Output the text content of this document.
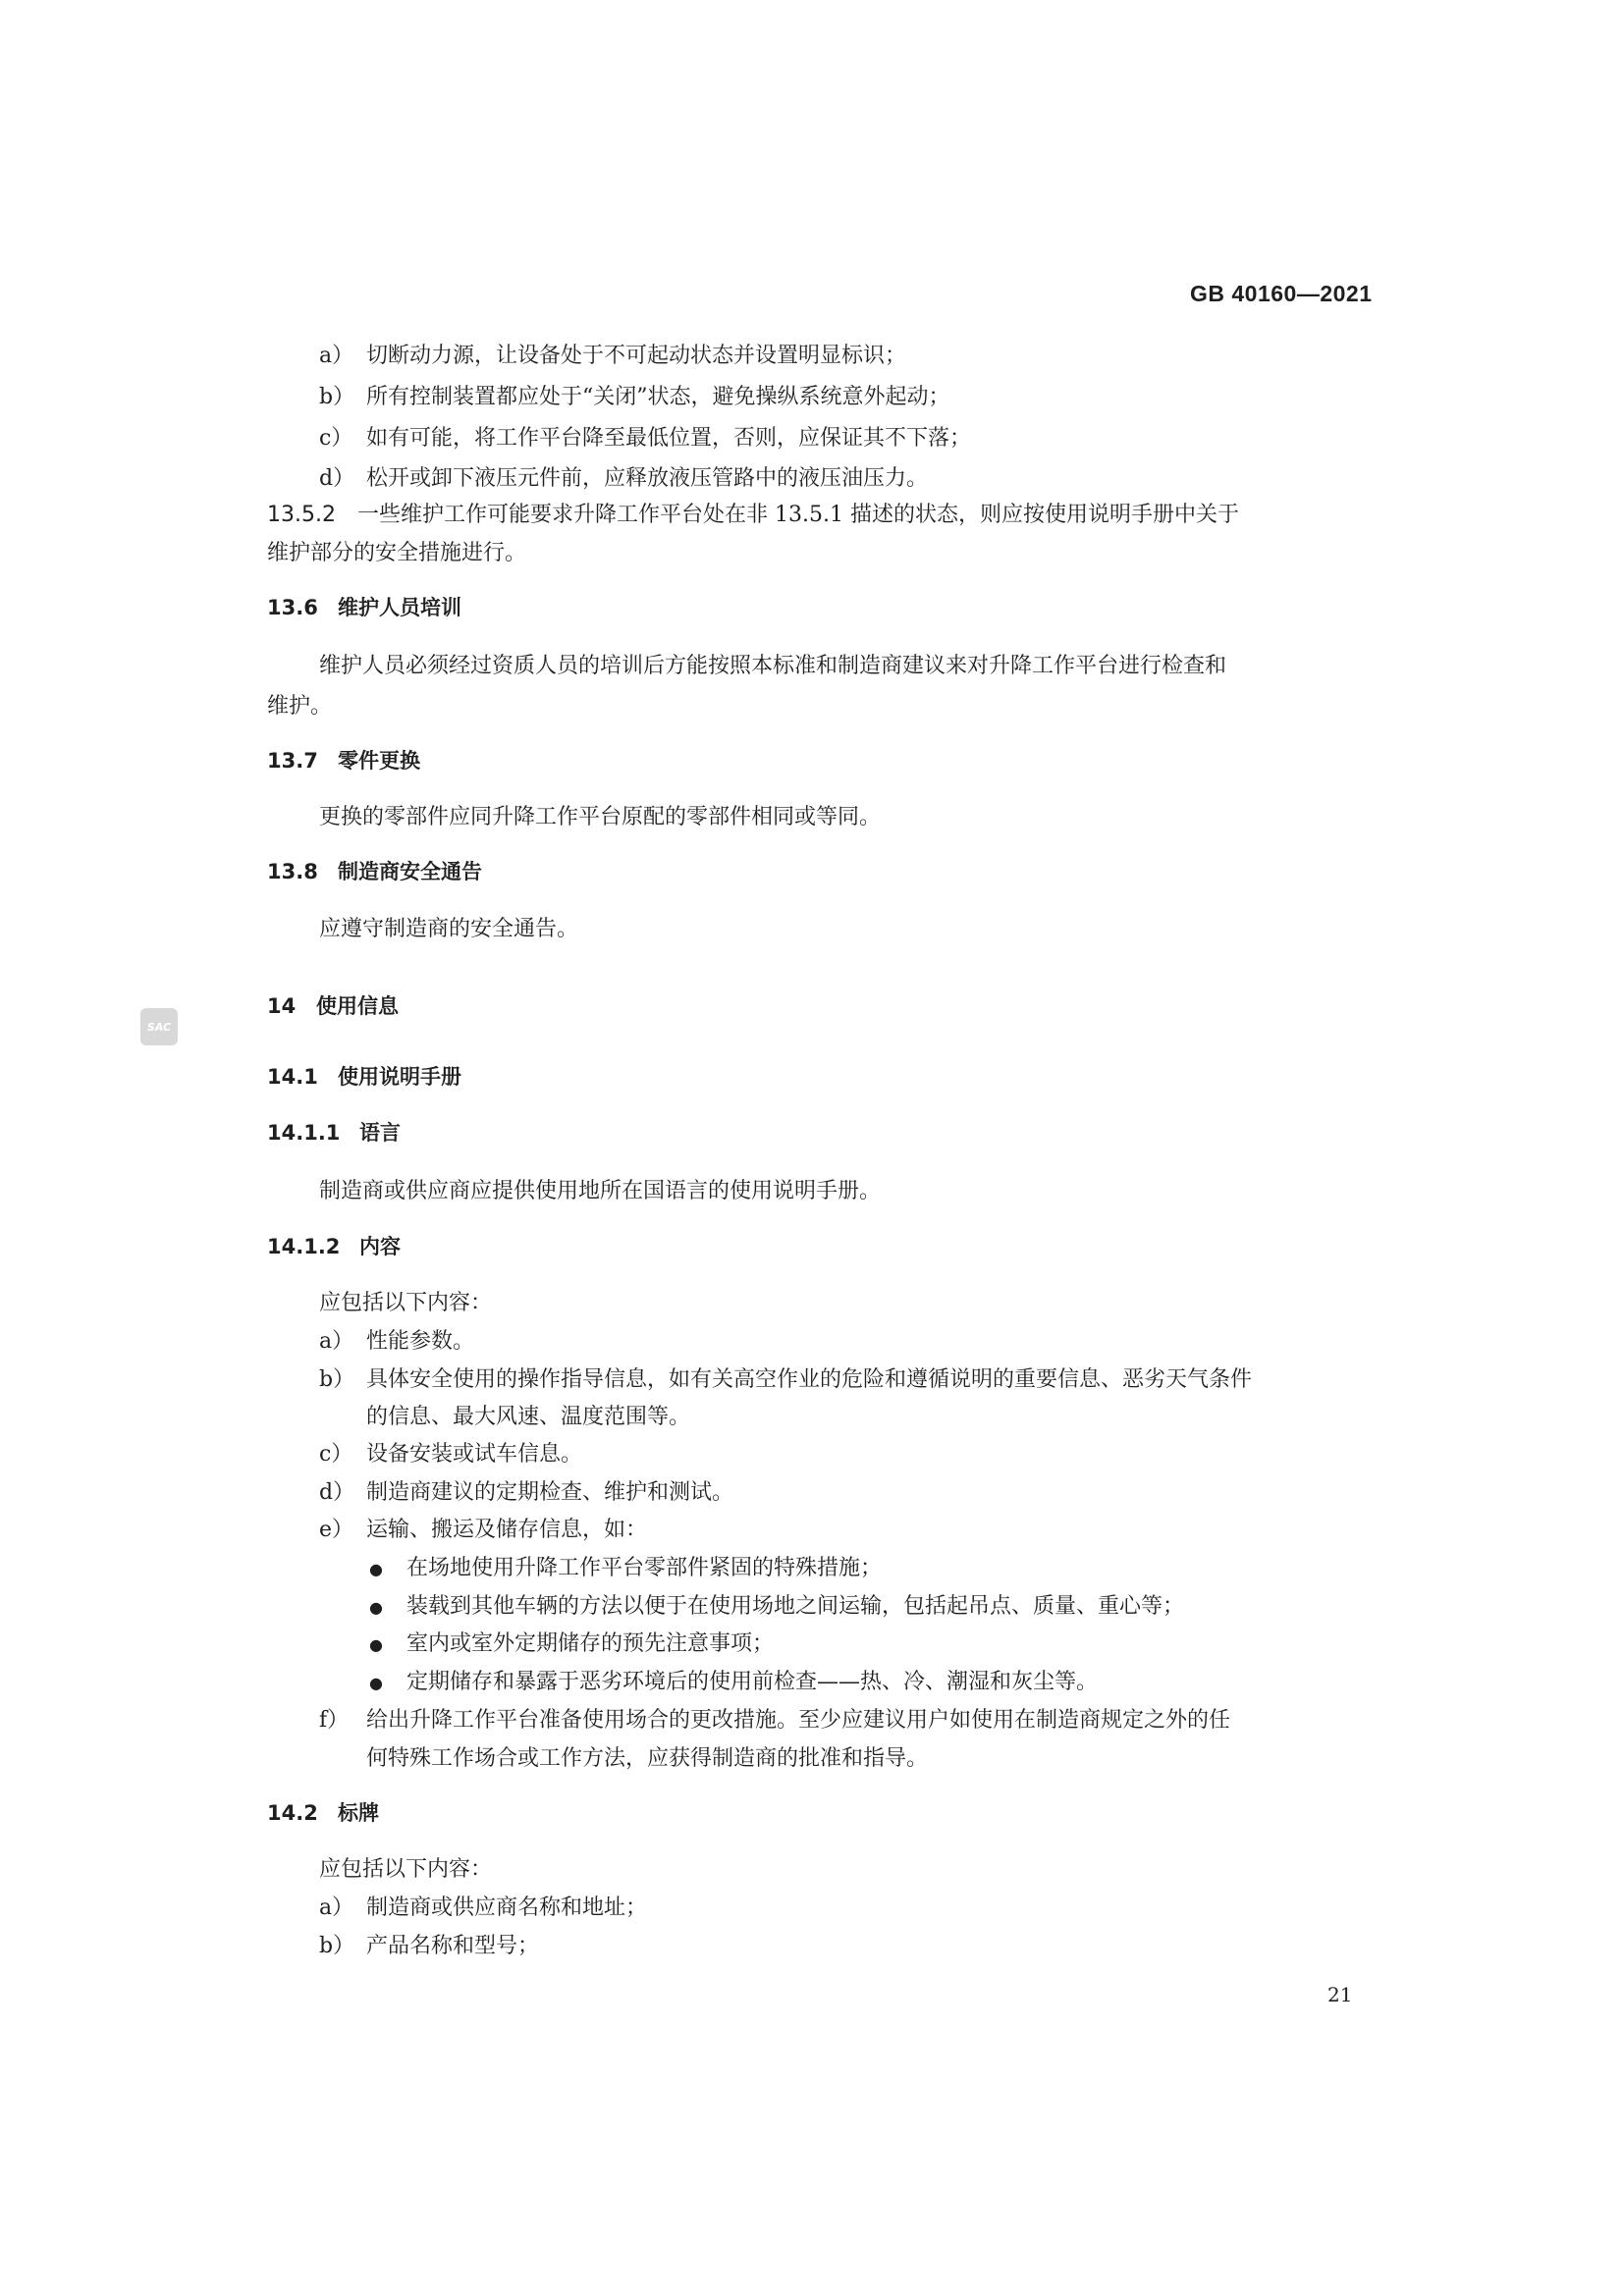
GB 40160—2021
a） 切断动力源，让设备处于不可起动状态并设置明显标识；
b） 所有控制装置都应处于“关闭”状态，避免操纵系统意外起动；
c） 如有可能，将工作平台降至最低位置，否则，应保证其不下落；
d） 松开或卸下液压元件前，应释放液压管路中的液压油压力。
13.5.2 一些维护工作可能要求升降工作平台处在非 13.5.1 描述的状态，则应按使用说明手册中关于
维护部分的安全措施进行。
13.6 维护人员培训
维护人员必须经过资质人员的培训后方能按照本标准和制造商建议来对升降工作平台进行检查和
维护。
13.7 零件更换
更换的零部件应同升降工作平台原配的零部件相同或等同。
13.8 制造商安全通告
应遵守制造商的安全通告。
SAC
14 使用信息
14.1 使用说明手册
14.1.1 语言
制造商或供应商应提供使用地所在国语言的使用说明手册。
14.1.2 内容
应包括以下内容：
a） 性能参数。
b） 具体安全使用的操作指导信息，如有关高空作业的危险和遵循说明的重要信息、恶劣天气条件
的信息、最大风速、温度范围等。
c） 设备安装或试车信息。
d） 制造商建议的定期检查、维护和测试。
e） 运输、搬运及储存信息，如：
● 在场地使用升降工作平台零部件紧固的特殊措施；
● 装载到其他车辆的方法以便于在使用场地之间运输，包括起吊点、质量、重心等；
● 室内或室外定期储存的预先注意事项；
● 定期储存和暴露于恶劣环境后的使用前检查——热、冷、潮湿和灰尘等。
f） 给出升降工作平台准备使用场合的更改措施。至少应建议用户如使用在制造商规定之外的任
何特殊工作场合或工作方法，应获得制造商的批准和指导。
14.2 标牌
应包括以下内容：
a） 制造商或供应商名称和地址；
b） 产品名称和型号；
21
